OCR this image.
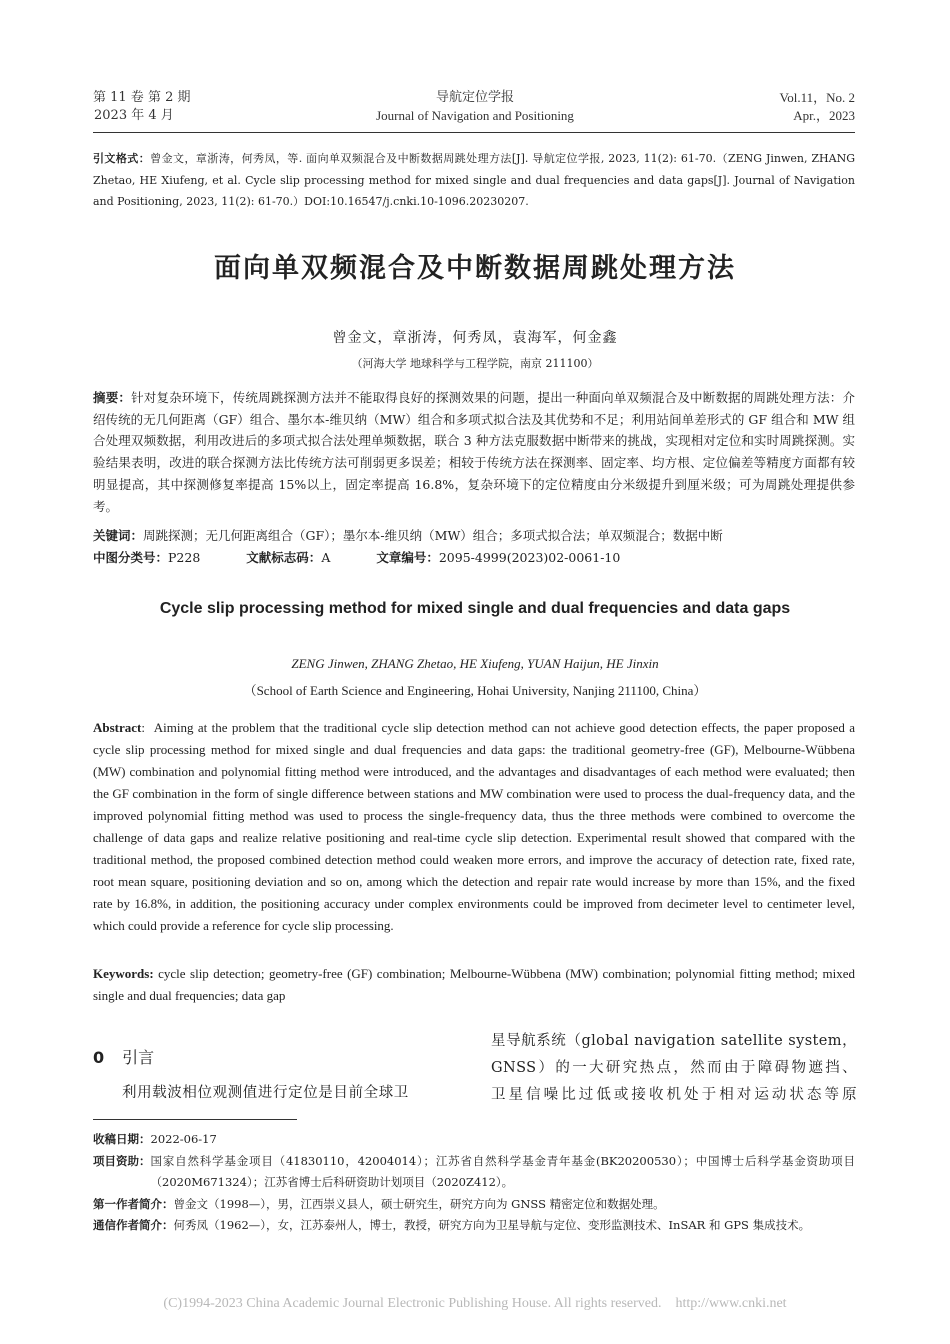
第 11 卷 第 2 期
2023 年 4 月
导航定位学报
Journal of Navigation and Positioning
Vol.11，No. 2
Apr.，2023
引文格式：曾金文，章浙涛，何秀凤，等. 面向单双频混合及中断数据周跳处理方法[J]. 导航定位学报, 2023, 11(2): 61-70.（ZENG Jinwen, ZHANG Zhetao, HE Xiufeng, et al. Cycle slip processing method for mixed single and dual frequencies and data gaps[J]. Journal of Navigation and Positioning, 2023, 11(2): 61-70.）DOI:10.16547/j.cnki.10-1096.20230207.
面向单双频混合及中断数据周跳处理方法
曾金文，章浙涛，何秀凤，袁海军，何金鑫
（河海大学 地球科学与工程学院，南京 211100）
摘要：针对复杂环境下，传统周跳探测方法并不能取得良好的探测效果的问题，提出一种面向单双频混合及中断数据的周跳处理方法：介绍传统的无几何距离（GF）组合、墨尔本-维贝纳（MW）组合和多项式拟合法及其优势和不足；利用站间单差形式的 GF 组合和 MW 组合处理双频数据，利用改进后的多项式拟合法处理单频数据，联合 3 种方法克服数据中断带来的挑战，实现相对定位和实时周跳探测。实验结果表明，改进的联合探测方法比传统方法可削弱更多误差；相较于传统方法在探测率、固定率、均方根、定位偏差等精度方面都有较明显提高，其中探测修复率提高 15%以上，固定率提高 16.8%，复杂环境下的定位精度由分米级提升到厘米级；可为周跳处理提供参考。
关键词：周跳探测；无几何距离组合（GF）；墨尔本-维贝纳（MW）组合；多项式拟合法；单双频混合；数据中断
中图分类号：P228	文献标志码：A	文章编号：2095-4999(2023)02-0061-10
Cycle slip processing method for mixed single and dual frequencies and data gaps
ZENG Jinwen, ZHANG Zhetao, HE Xiufeng, YUAN Haijun, HE Jinxin
（School of Earth Science and Engineering, Hohai University, Nanjing 211100, China）
Abstract:  Aiming at the problem that the traditional cycle slip detection method can not achieve good detection effects, the paper proposed a cycle slip processing method for mixed single and dual frequencies and data gaps: the traditional geometry-free (GF), Melbourne-Wübbena (MW) combination and polynomial fitting method were introduced, and the advantages and disadvantages of each method were evaluated; then the GF combination in the form of single difference between stations and MW combination were used to process the dual-frequency data, and the improved polynomial fitting method was used to process the single-frequency data, thus the three methods were combined to overcome the challenge of data gaps and realize relative positioning and real-time cycle slip detection. Experimental result showed that compared with the traditional method, the proposed combined detection method could weaken more errors, and improve the accuracy of detection rate, fixed rate, root mean square, positioning deviation and so on, among which the detection and repair rate would increase by more than 15%, and the fixed rate by 16.8%, in addition, the positioning accuracy under complex environments could be improved from decimeter level to centimeter level, which could provide a reference for cycle slip processing.
Keywords: cycle slip detection; geometry-free (GF) combination; Melbourne-Wübbena (MW) combination; polynomial fitting method; mixed single and dual frequencies; data gap
0 引言
利用载波相位观测值进行定位是目前全球卫
星导航系统（global navigation satellite system，
GNSS）的一大研究热点，然而由于障碍物遮挡、
卫星信噪比过低或接收机处于相对运动状态等原
收稿日期： 2022-06-17
项目资助： 国家自然科学基金项目（41830110，42004014）；江苏省自然科学基金青年基金(BK20200530）；中国博士后科学基金资助项目（2020M671324）；江苏省博士后科研资助计划项目（2020Z412）。
第一作者简介： 曾金文（1998—），男，江西崇义县人，硕士研究生，研究方向为 GNSS 精密定位和数据处理。
通信作者简介： 何秀凤（1962—），女，江苏泰州人，博士，教授，研究方向为卫星导航与定位、变形监测技术、InSAR 和 GPS 集成技术。
(C)1994-2023 China Academic Journal Electronic Publishing House. All rights reserved.    http://www.cnki.net
